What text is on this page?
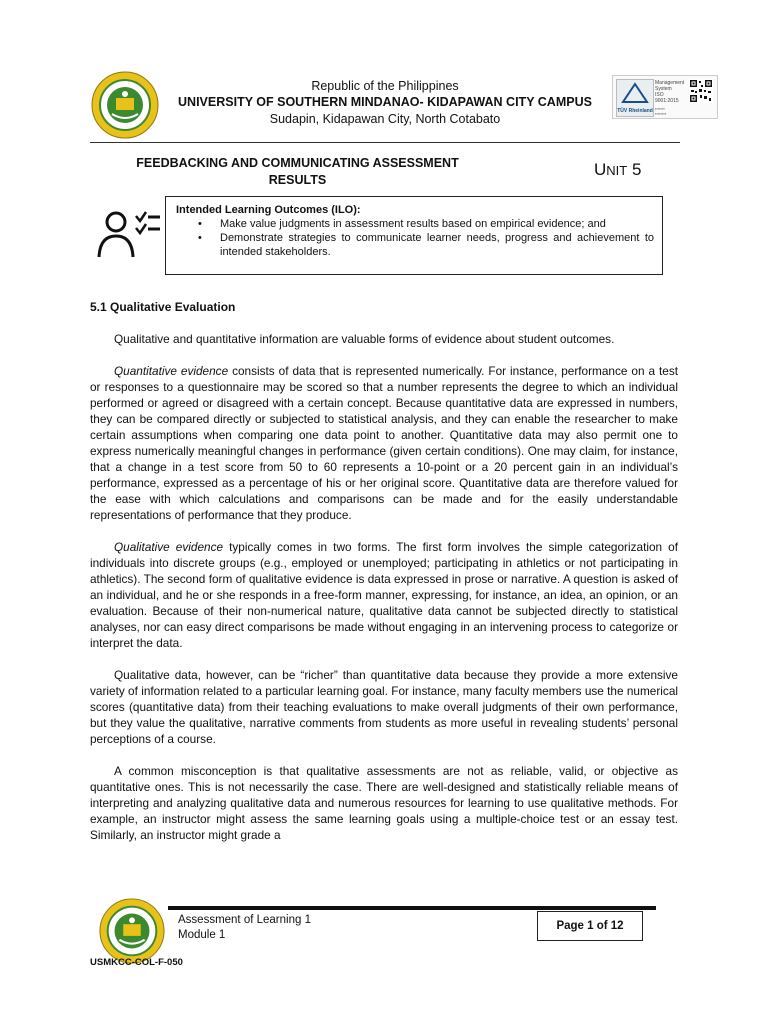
Republic of the Philippines
UNIVERSITY OF SOUTHERN MINDANAO- KIDAPAWAN CITY CAMPUS
Sudapin, Kidapawan City, North Cotabato
TÜV Rheinland
Management
System
ISO 9001:2015
▪▪▪▪▪▪▪
▪▪▪▪▪▪▪▪
FEEDBACKING AND COMMUNICATING ASSESSMENT RESULTS
UNIT 5
Intended Learning Outcomes (ILO):
• Make value judgments in assessment results based on empirical evidence; and
• Demonstrate strategies to communicate learner needs, progress and achievement to intended stakeholders.
5.1 Qualitative Evaluation

Qualitative and quantitative information are valuable forms of evidence about student outcomes.

Quantitative evidence consists of data that is represented numerically. For instance, performance on a test or responses to a questionnaire may be scored so that a number represents the degree to which an individual performed or agreed or disagreed with a certain concept. Because quantitative data are expressed in numbers, they can be compared directly or subjected to statistical analysis, and they can enable the researcher to make certain assumptions when comparing one data point to another. Quantitative data may also permit one to express numerically meaningful changes in performance (given certain conditions). One may claim, for instance, that a change in a test score from 50 to 60 represents a 10-point or a 20 percent gain in an individual’s performance, expressed as a percentage of his or her original score. Quantitative data are therefore valued for the ease with which calculations and comparisons can be made and for the easily understandable representations of performance that they produce.

Qualitative evidence typically comes in two forms. The first form involves the simple categorization of individuals into discrete groups (e.g., employed or unemployed; participating in athletics or not participating in athletics). The second form of qualitative evidence is data expressed in prose or narrative. A question is asked of an individual, and he or she responds in a free-form manner, expressing, for instance, an idea, an opinion, or an evaluation. Because of their non-numerical nature, qualitative data cannot be subjected directly to statistical analyses, nor can easy direct comparisons be made without engaging in an intervening process to categorize or interpret the data.

Qualitative data, however, can be “richer” than quantitative data because they provide a more extensive variety of information related to a particular learning goal. For instance, many faculty members use the numerical scores (quantitative data) from their teaching evaluations to make overall judgments of their own performance, but they value the qualitative, narrative comments from students as more useful in revealing students’ personal perceptions of a course.

A common misconception is that qualitative assessments are not as reliable, valid, or objective as quantitative ones. This is not necessarily the case. There are well-designed and statistically reliable means of interpreting and analyzing qualitative data and numerous resources for learning to use qualitative methods. For example, an instructor might assess the same learning goals using a multiple-choice test or an essay test. Similarly, an instructor might grade a

Assessment of Learning 1
Module 1
Page 1 of 12
USMKCC-COL-F-050
